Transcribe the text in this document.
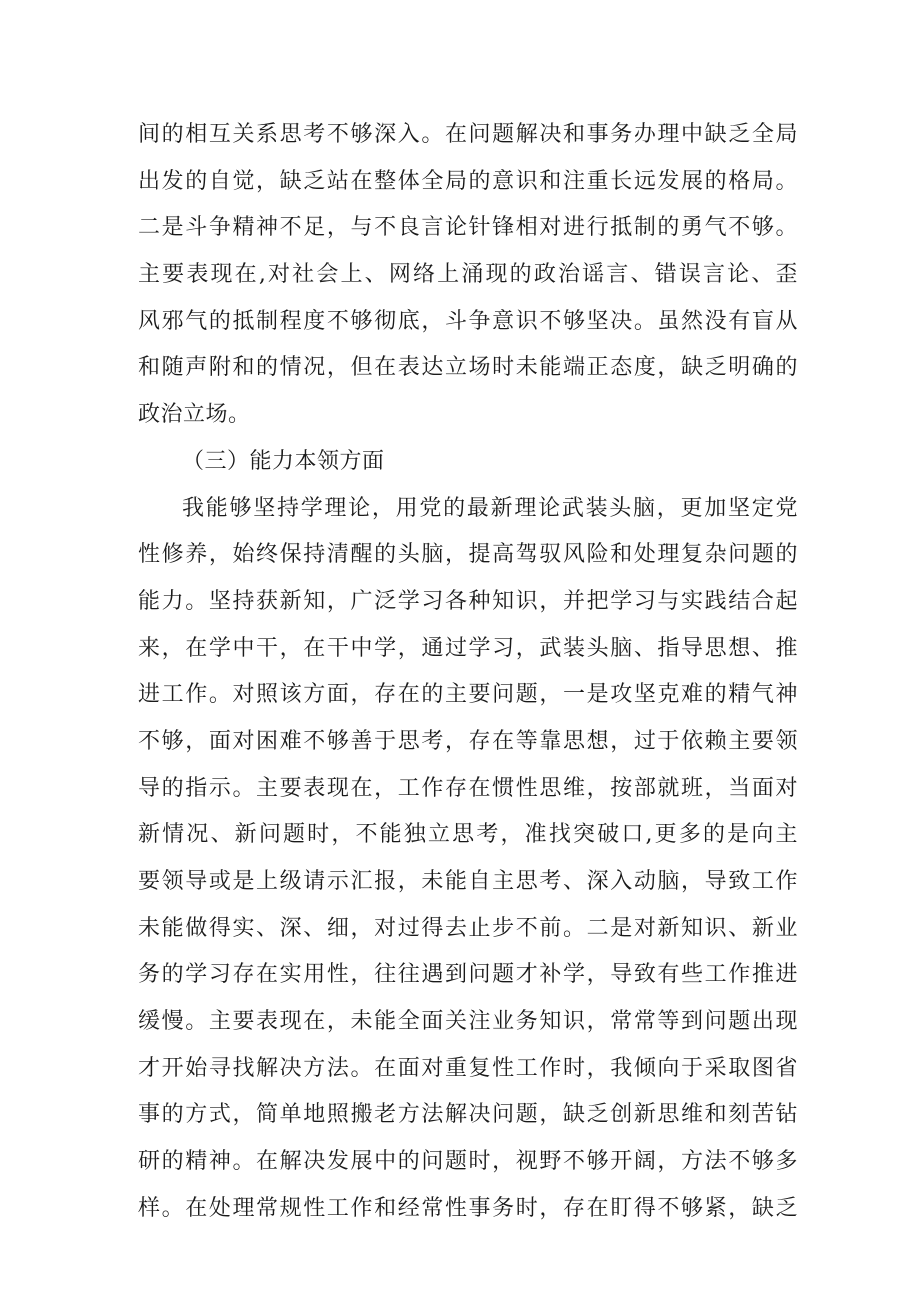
间的相互关系思考不够深入。在问题解决和事务办理中缺乏全局
出发的自觉，缺乏站在整体全局的意识和注重长远发展的格局。
二是斗争精神不足，与不良言论针锋相对进行抵制的勇气不够。
主要表现在,对社会上、网络上涌现的政治谣言、错误言论、歪
风邪气的抵制程度不够彻底，斗争意识不够坚决。虽然没有盲从
和随声附和的情况，但在表达立场时未能端正态度，缺乏明确的
政治立场。
（三）能力本领方面
我能够坚持学理论，用党的最新理论武装头脑，更加坚定党
性修养，始终保持清醒的头脑，提高驾驭风险和处理复杂问题的
能力。坚持获新知，广泛学习各种知识，并把学习与实践结合起
来，在学中干，在干中学，通过学习，武装头脑、指导思想、推
进工作。对照该方面，存在的主要问题，一是攻坚克难的精气神
不够，面对困难不够善于思考，存在等靠思想，过于依赖主要领
导的指示。主要表现在，工作存在惯性思维，按部就班，当面对
新情况、新问题时，不能独立思考，准找突破口,更多的是向主
要领导或是上级请示汇报，未能自主思考、深入动脑，导致工作
未能做得实、深、细，对过得去止步不前。二是对新知识、新业
务的学习存在实用性，往往遇到问题才补学，导致有些工作推进
缓慢。主要表现在，未能全面关注业务知识，常常等到问题出现
才开始寻找解决方法。在面对重复性工作时，我倾向于采取图省
事的方式，简单地照搬老方法解决问题，缺乏创新思维和刻苦钻
研的精神。在解决发展中的问题时，视野不够开阔，方法不够多
样。在处理常规性工作和经常性事务时，存在盯得不够紧，缺乏
